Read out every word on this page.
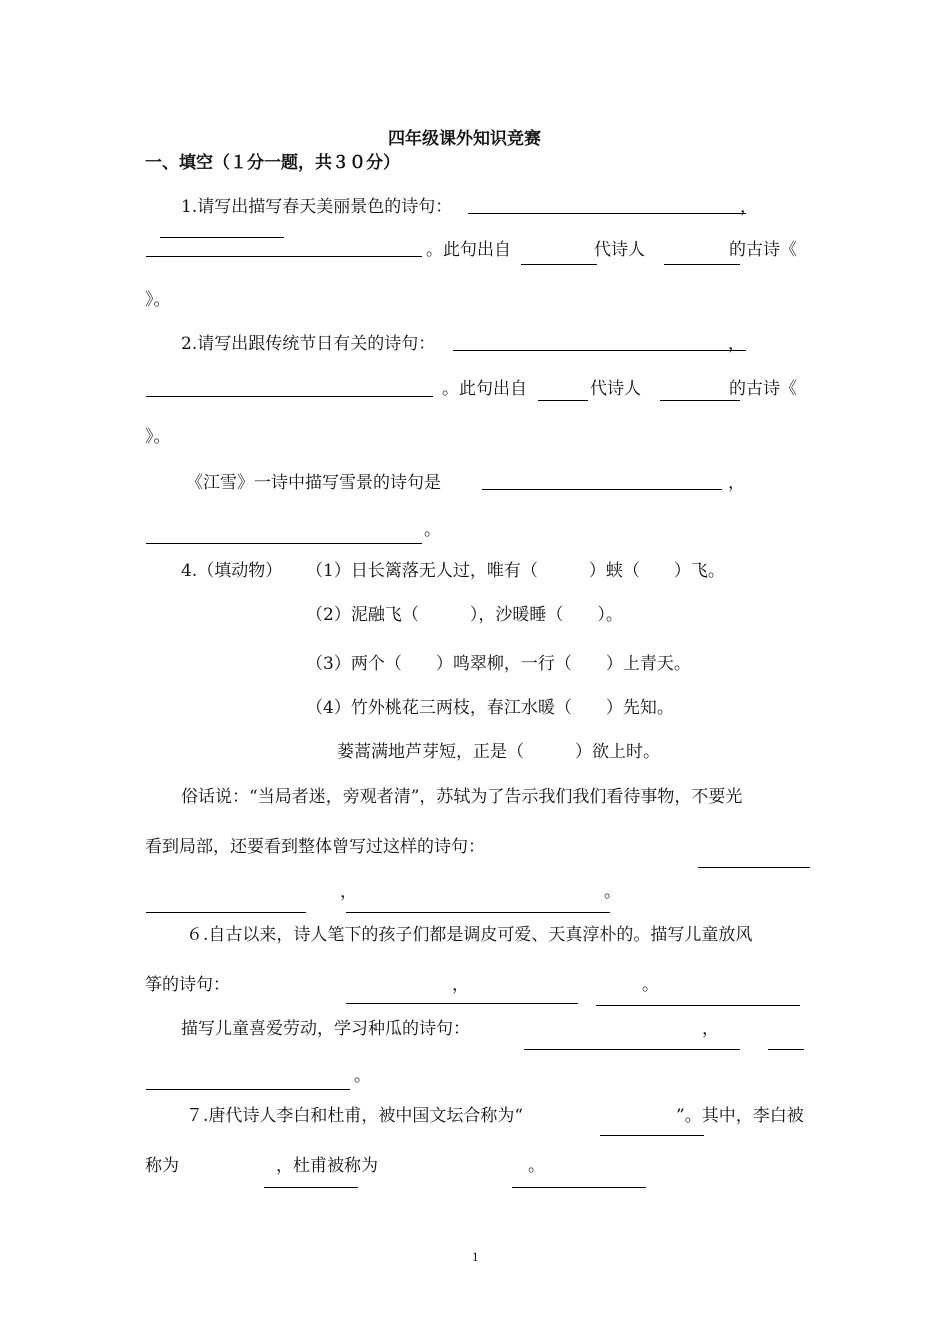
四年级课外知识竞赛
一、填空（１分一题，共３０分）
1.请写出描写春天美丽景色的诗句：	，
。此句出自	代诗人	的古诗《
》。
2.请写出跟传统节日有关的诗句：	，
。此句出自	代诗人	的古诗《
》。
《江雪》一诗中描写雪景的诗句是	，
。
4.（填动物） （1）日长篱落无人过，唯有（　　　）蛱（　　）飞。
（2）泥融飞（　　　），沙暖睡（　　）。
（3）两个（　　）鸣翠柳，一行（　　）上青天。
（4）竹外桃花三两枝，春江水暖（　　）先知。
蒌蒿满地芦芽短，正是（　　　）欲上时。
俗话说：“当局者迷，旁观者清”，苏轼为了告示我们我们看待事物，不要光
看到局部，还要看到整体曾写过这样的诗句：
，	。
６.自古以来，诗人笔下的孩子们都是调皮可爱、天真淳朴的。描写儿童放风
筝的诗句：	，	。
描写儿童喜爱劳动，学习种瓜的诗句：	，
。
７.唐代诗人李白和杜甫，被中国文坛合称为“	”。其中，李白被
称为	，杜甫被称为	。
1
